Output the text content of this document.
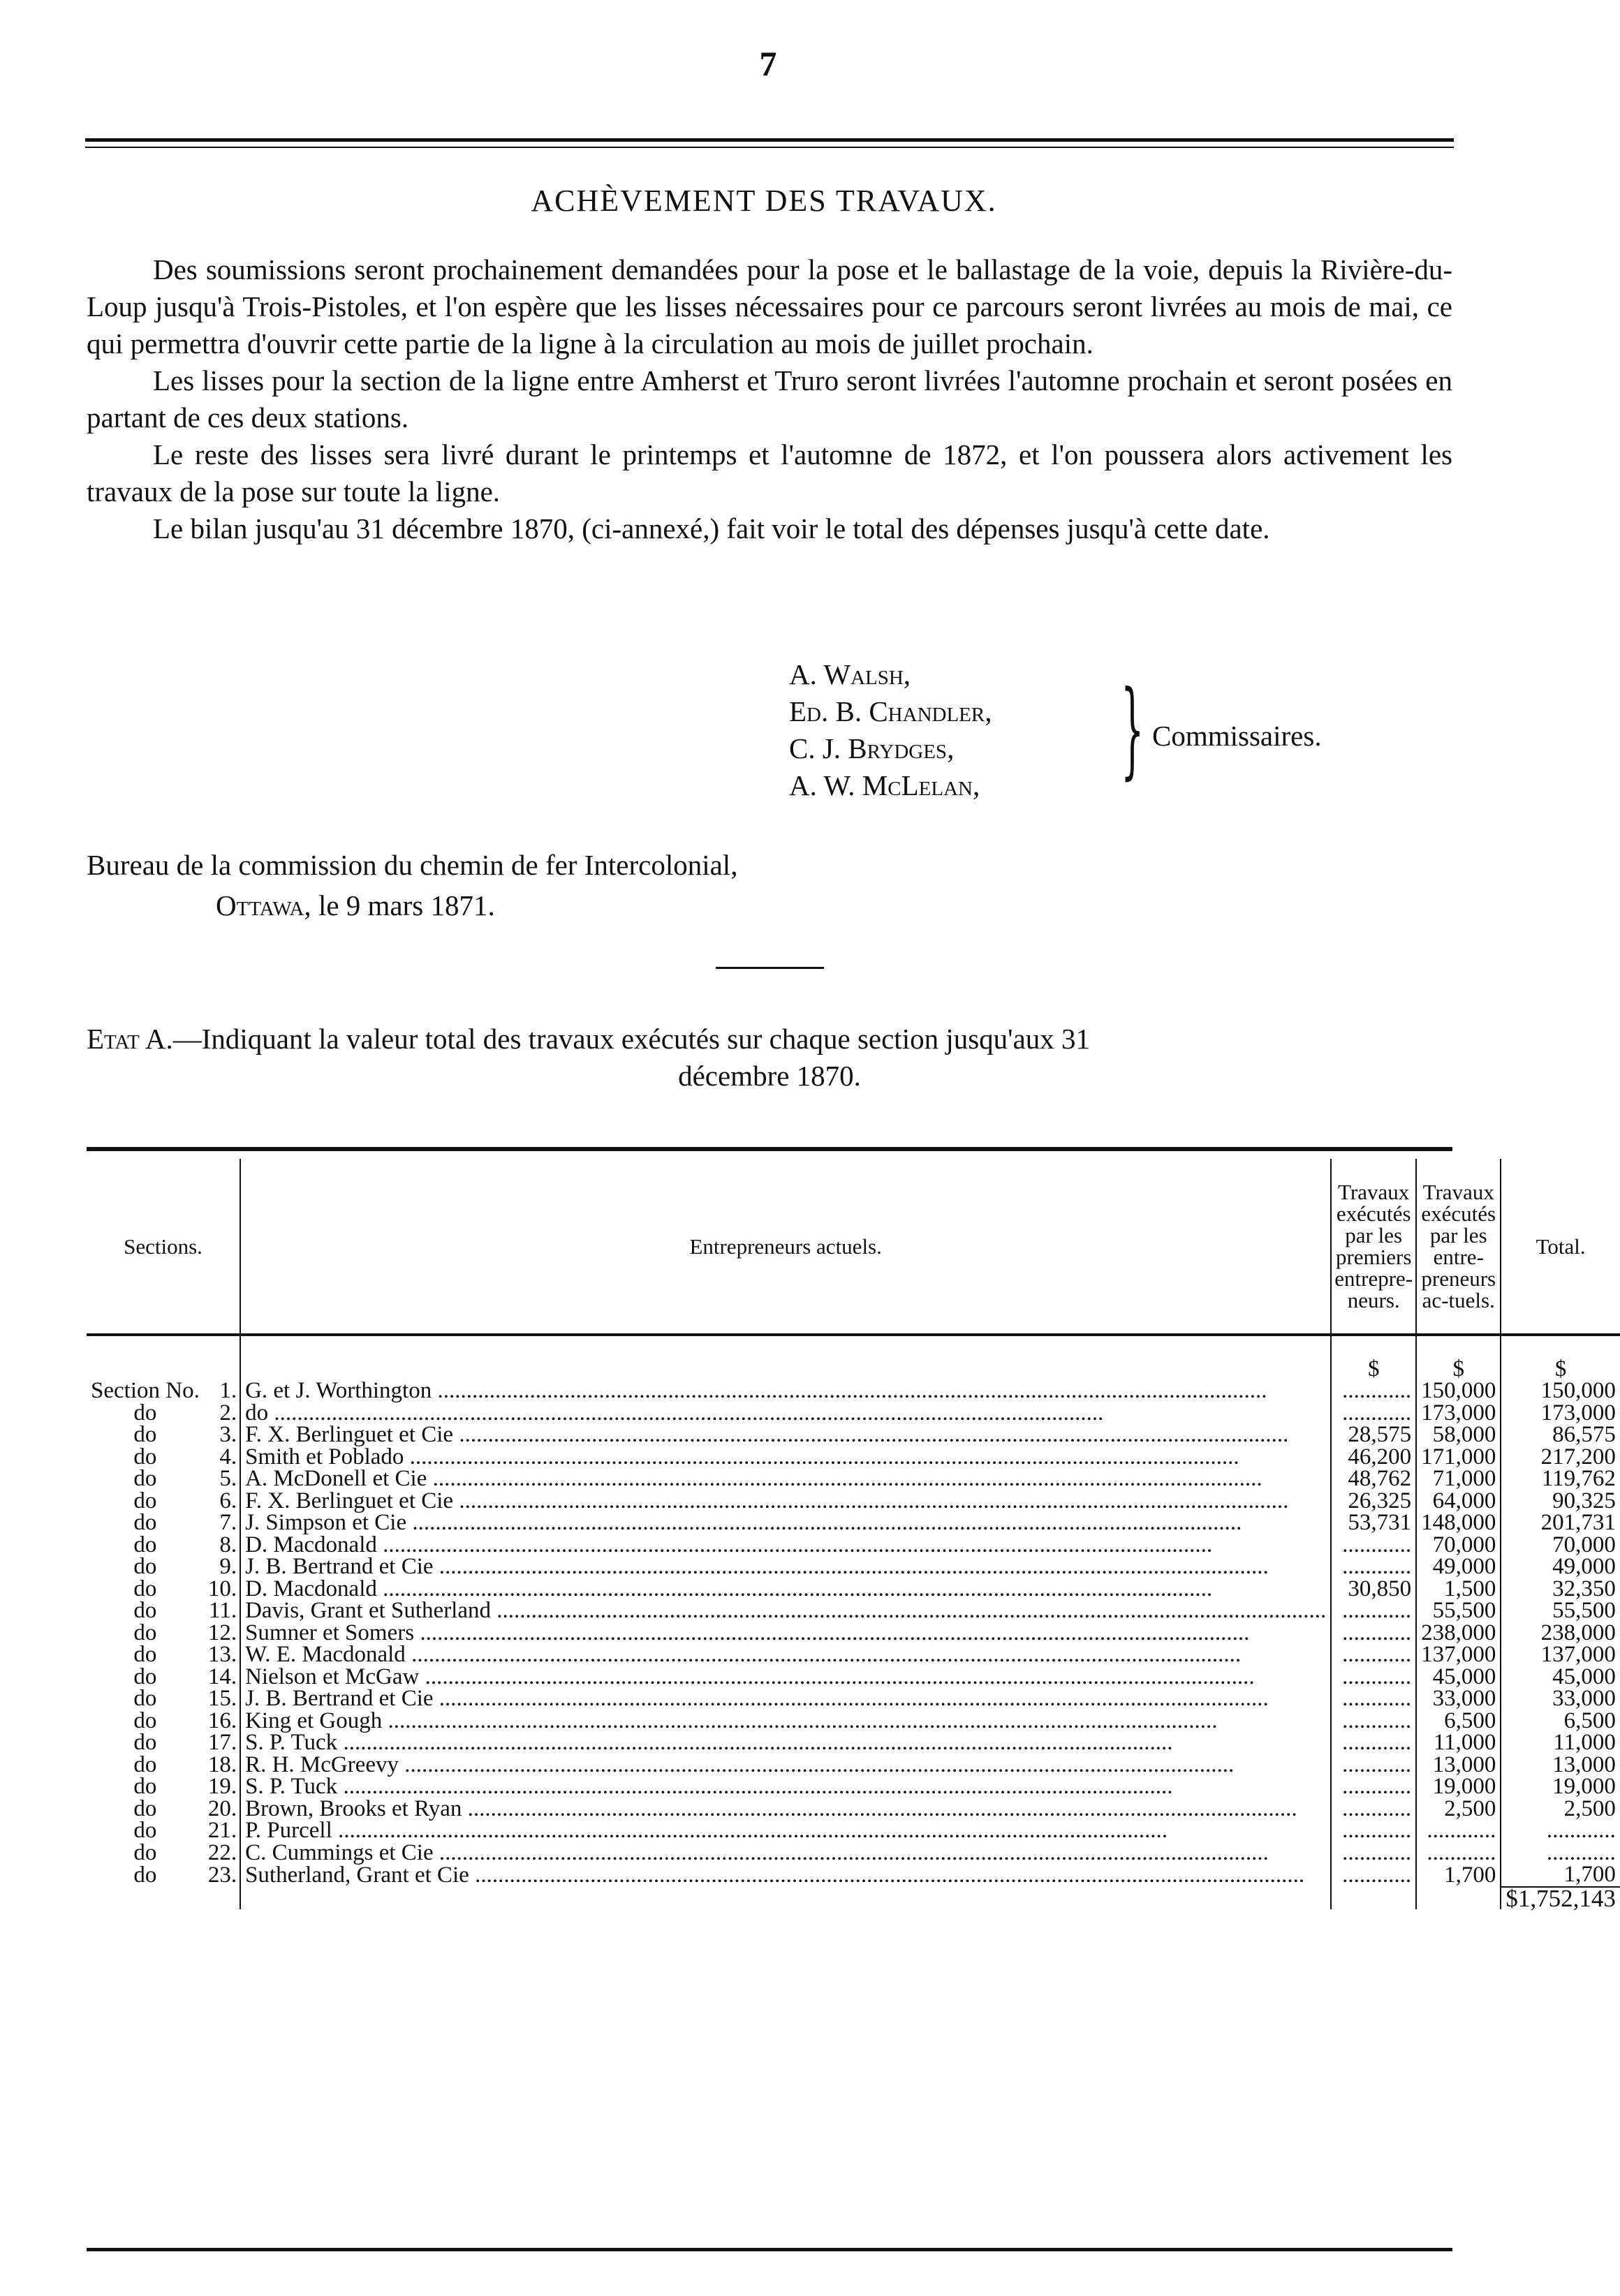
7
ACHÈVEMENT DES TRAVAUX.

Des soumissions seront prochainement demandées pour la pose et le ballastage de la voie, depuis la Rivière-du-Loup jusqu'à Trois-Pistoles, et l'on espère que les lisses nécessaires pour ce parcours seront livrées au mois de mai, ce qui permettra d'ouvrir cette partie de la ligne à la circulation au mois de juillet prochain.

Les lisses pour la section de la ligne entre Amherst et Truro seront livrées l'automne prochain et seront posées en partant de ces deux stations.

Le reste des lisses sera livré durant le printemps et l'automne de 1872, et l'on poussera alors activement les travaux de la pose sur toute la ligne.

Le bilan jusqu'au 31 décembre 1870, (ci-annexé,) fait voir le total des dépenses jusqu'à cette date.

A. Walsh,
Ed. B. Chandler,
C. J. Brydges,
A. W. McLelan, } Commissaires.
Bureau de la commission du chemin de fer Intercolonial,
Ottawa, le 9 mars 1871.
Etat A.—Indiquant la valeur total des travaux exécutés sur chaque section jusqu'aux 31
décembre 1870.
Sections.		Entrepreneurs actuels.	Travaux exécutés par les premiers entrepre-neurs.	Travaux exécutés par les entre-preneurs ac-tuels.	Total.

			$	$	$
Section No.	1.	G. et J. Worthington .....	............	150,000	150,000
do	2.	do .....	............	173,000	173,000
do	3.	F. X. Berlinguet et Cie .....	28,575	58,000	86,575
do	4.	Smith et Poblado .....	46,200	171,000	217,200
do	5.	A. McDonell et Cie .....	48,762	71,000	119,762
do	6.	F. X. Berlinguet et Cie .....	26,325	64,000	90,325
do	7.	J. Simpson et Cie .....	53,731	148,000	201,731
do	8.	D. Macdonald .....	............	70,000	70,000
do	9.	J. B. Bertrand et Cie .....	............	49,000	49,000
do	10.	D. Macdonald .....	30,850	1,500	32,350
do	11.	Davis, Grant et Sutherland .....	............	55,500	55,500
do	12.	Sumner et Somers .....	............	238,000	238,000
do	13.	W. E. Macdonald .....	............	137,000	137,000
do	14.	Nielson et McGaw .....	............	45,000	45,000
do	15.	J. B. Bertrand et Cie .....	............	33,000	33,000
do	16.	King et Gough .....	............	6,500	6,500
do	17.	S. P. Tuck .....	............	11,000	11,000
do	18.	R. H. McGreevy .....	............	13,000	13,000
do	19.	S. P. Tuck .....	............	19,000	19,000
do	20.	Brown, Brooks et Ryan .....	............	2,500	2,500
do	21.	P. Purcell .....	............	............	............
do	22.	C. Cummings et Cie .....	............	............	............
do	23.	Sutherland, Grant et Cie .....	............	1,700	1,700
					$1,752,143
